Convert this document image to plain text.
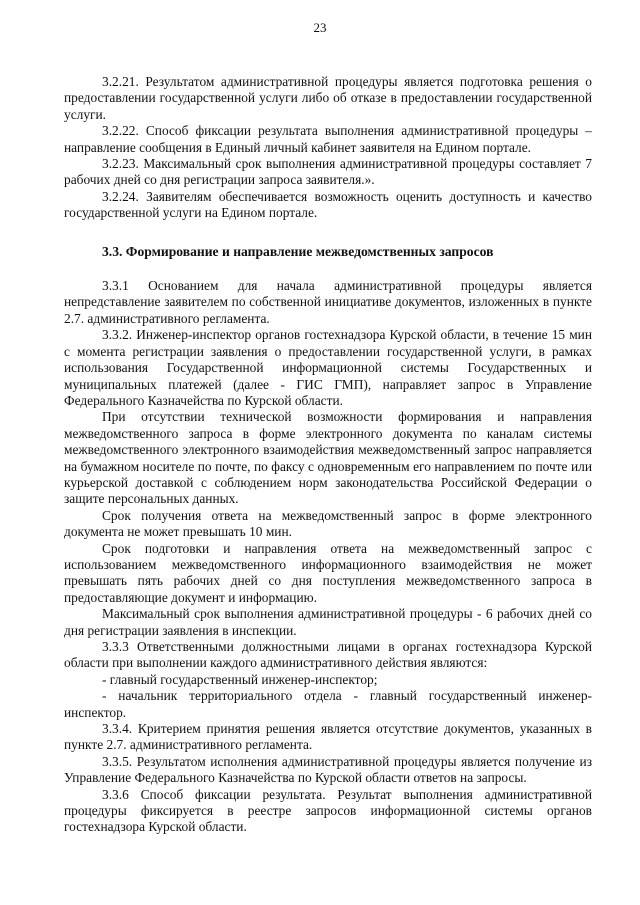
23

3.2.21. Результатом административной процедуры является подготовка решения о предоставлении государственной услуги либо об отказе в предоставлении государственной услуги.

3.2.22. Способ фиксации результата выполнения административной процедуры – направление сообщения в Единый личный кабинет заявителя на Едином портале.

3.2.23. Максимальный срок выполнения административной процедуры составляет 7 рабочих дней со дня регистрации запроса заявителя.».

3.2.24. Заявителям обеспечивается возможность оценить доступность и качество государственной услуги на Едином портале.

3.3. Формирование и направление межведомственных запросов

3.3.1 Основанием для начала административной процедуры является непредставление заявителем по собственной инициативе документов, изложенных в пункте 2.7. административного регламента.

3.3.2. Инженер-инспектор органов гостехнадзора Курской области, в течение 15 мин с момента регистрации заявления о предоставлении государственной услуги, в рамках использования Государственной информационной системы Государственных и муниципальных платежей (далее - ГИС ГМП), направляет запрос в Управление Федерального Казначейства по Курской области.

При отсутствии технической возможности формирования и направления межведомственного запроса в форме электронного документа по каналам системы межведомственного электронного взаимодействия межведомственный запрос направляется на бумажном носителе по почте, по факсу с одновременным его направлением по почте или курьерской доставкой с соблюдением норм законодательства Российской Федерации о защите персональных данных.

Срок получения ответа на межведомственный запрос в форме электронного документа не может превышать 10 мин.

Срок подготовки и направления ответа на межведомственный запрос с использованием межведомственного информационного взаимодействия не может превышать пять рабочих дней со дня поступления межведомственного запроса в предоставляющие документ и информацию.

Максимальный срок выполнения административной процедуры - 6 рабочих дней со дня регистрации заявления в инспекции.

3.3.3 Ответственными должностными лицами в органах гостехнадзора Курской области при выполнении каждого административного действия являются:

- главный государственный инженер-инспектор;

- начальник территориального отдела - главный государственный инженер-инспектор.

3.3.4. Критерием принятия решения является отсутствие документов, указанных в пункте 2.7. административного регламента.

3.3.5. Результатом исполнения административной процедуры является получение из Управление Федерального Казначейства по Курской области ответов на запросы.

3.3.6 Способ фиксации результата. Результат выполнения административной процедуры фиксируется в реестре запросов информационной системы органов гостехнадзора Курской области.
